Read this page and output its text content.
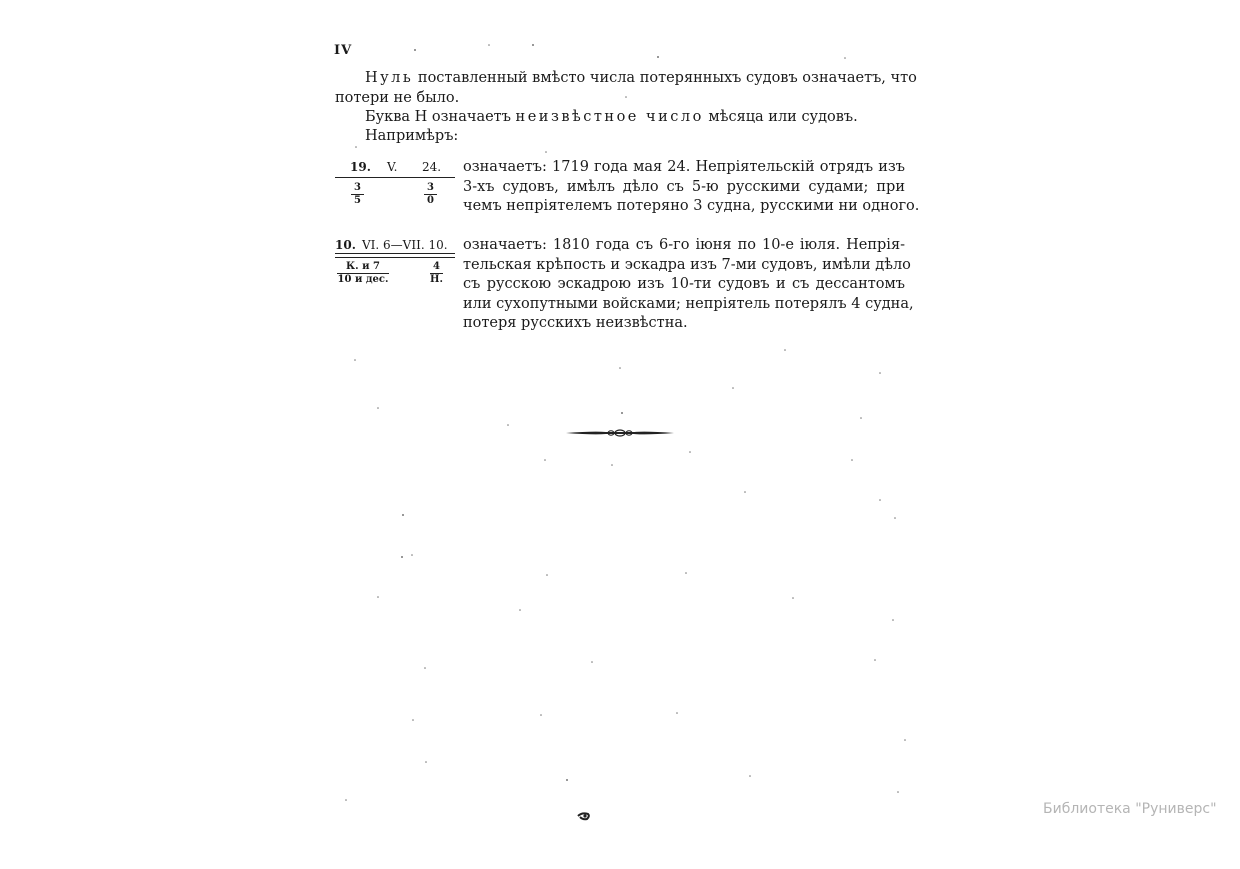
IV
Нуль поставленный вмѣсто числа потерянныхъ судовъ означаетъ, что
потери не было.
Буква Н означаетъ неизвѣстное число мѣсяца или судовъ.
Напримѣръ:
19. V. 24.
$\frac{3}{5}$	$\frac{3}{0}$
означаетъ: 1719 года мая 24. Непріятельскій отрядъ изъ
3-хъ судовъ, имѣлъ дѣло съ 5-ю русскими судами; при
чемъ непріятелемъ потеряно 3 судна, русскими ни одного.
10. VI. 6—VII. 10.
К. и 7
10 и дес.
4
Н.
означаетъ: 1810 года съ 6-го іюня по 10-е іюля. Непрія-
тельская крѣпость и эскадра изъ 7-ми судовъ, имѣли дѣло
съ русскою эскадрою изъ 10-ти судовъ и съ дессантомъ
или сухопутными войсками; непріятель потерялъ 4 судна,
потеря русскихъ неизвѣстна.
Библиотека "Руниверс"
